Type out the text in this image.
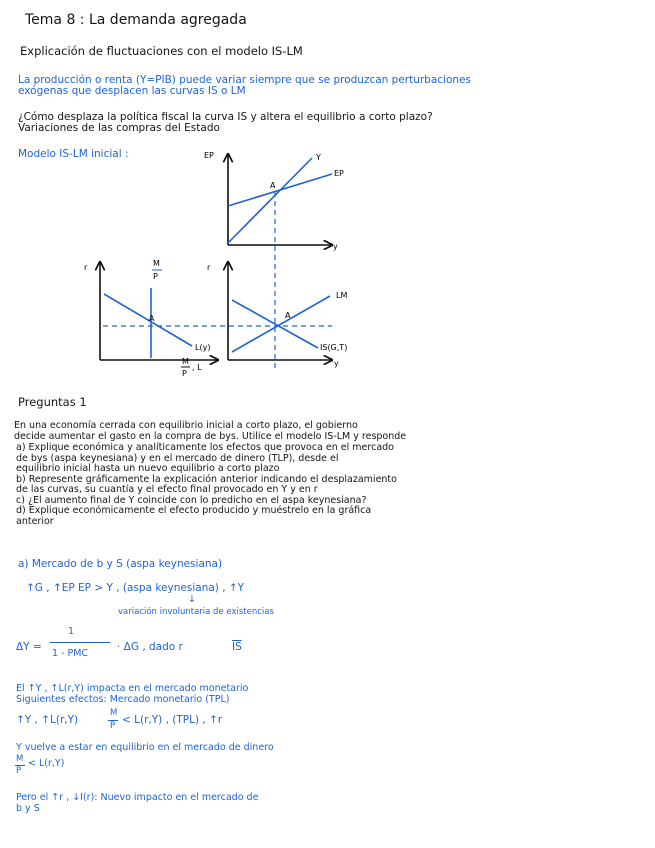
Tema 8 : La demanda agregada
Explicación de fluctuaciones con el modelo IS-LM
La producción o renta (Y=PIB) puede variar siempre que se produzcan perturbaciones
exógenas que desplacen las curvas IS o LM
¿Cómo desplaza la política fiscal la curva IS y altera el equilibrio a corto plazo?
Variaciones de las compras del Estado
Modelo IS-LM inicial :	EP
y
Y
EP
A
r	M
P
L(y)
A
M
P
, L
r
LM
IS(G,T)
y
A
Preguntas 1
En una economía cerrada con equilibrio inicial a corto plazo, el gobierno
decide aumentar el gasto en la compra de bys. Utilice el modelo IS-LM y responde
a) Explique económica y analíticamente los efectos que provoca en el mercado
de bys (aspa keynesiana) y en el mercado de dinero (TLP), desde el
equilibrio inicial hasta un nuevo equilibrio a corto plazo
b) Represente gráficamente la explicación anterior indicando el desplazamiento
de las curvas, su cuantía y el efecto final provocado en Y y en r
c) ¿El aumento final de Y coincide con lo predicho en el aspa keynesiana?
d) Explique económicamente el efecto producido y muéstrelo en la gráfica
anterior
a) Mercado de b y S (aspa keynesiana)
↑G , ↑EP EP > Y , (aspa keynesiana) , ↑Y
↓
variación involuntaria de existencias
ΔY =
1
1 - PMC
· ΔG , dado r	$\overline{IS}$
El ↑Y , ↑L(r,Y) impacta en el mercado monetario
Siguientes efectos: Mercado monetario (TPL)
↑Y , ↑L(r,Y)
M
P < L(r,Y) , (TPL) , ↑r
Y vuelve a estar en equilibrio en el mercado de dinero
M
P
< L(r,Y)
Pero el ↑r , ↓I(r): Nuevo impacto en el mercado de
b y S
